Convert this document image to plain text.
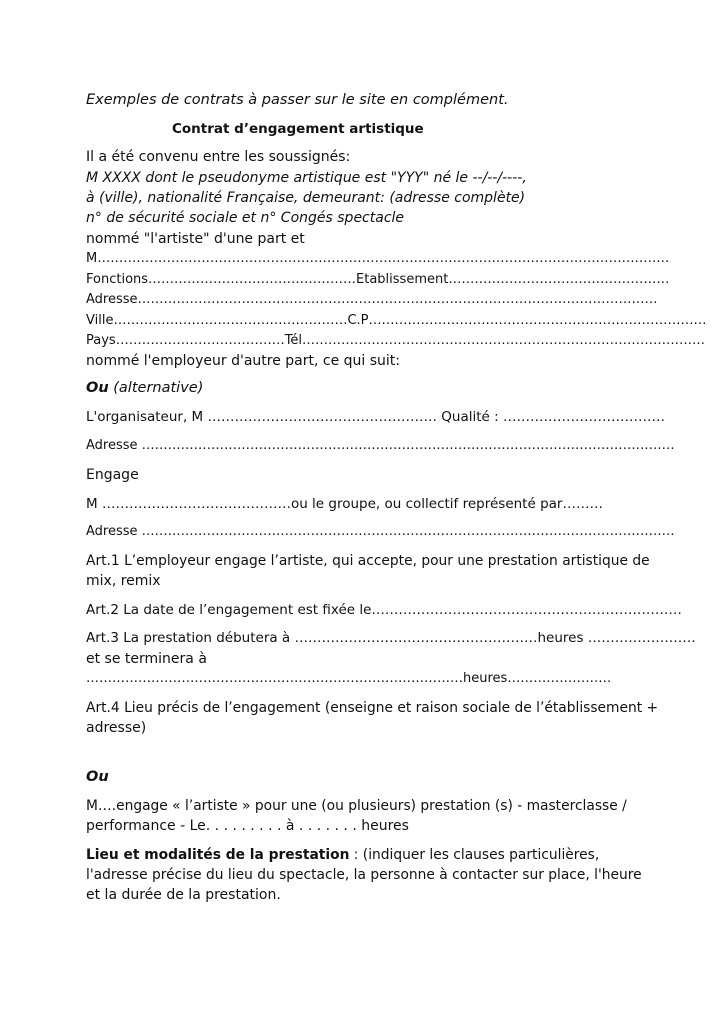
Exemples de contrats à passer sur le site en complément.
Contrat d’engagement artistique
Il a été convenu entre les soussignés:
M XXXX dont le pseudonyme artistique est "YYY" né le --/--/----,
à (ville), nationalité Française, demeurant: (adresse complète)
n° de sécurité sociale et n° Congés spectacle
nommé "l'artiste" d'une part et
M……………………………………………………………………………………………………………………
Fonctions…………………………………………Etablissement……………………………………………
Adresse…………………………………………………………………………………………………………
Ville………………………………………………C.P……………………………………………………………………
Pays…………………………………Tél…………………………………………………………………………………
nommé l'employeur d'autre part, ce qui suit:
Ou (alternative)
L'organisateur, M …………………………………………… Qualité : ………………………………
Adresse ……………………………………………………………………………………………………………
Engage
M ……………………………………ou le groupe, ou collectif représenté par………
Adresse ……………………………………………………………………………………………………………
Art.1 L’employeur engage l’artiste, qui accepte, pour une prestation artistique de
mix, remix
Art.2 La date de l’engagement est fixée le……………………………………………………………
Art.3 La prestation débutera à ………………………………………………heures ……………………
et se terminera à
……………………………………………………………………………heures……………………
Art.4 Lieu précis de l’engagement (enseigne et raison sociale de l’établissement +
adresse)
Ou
M….engage « l’artiste » pour une (ou plusieurs) prestation (s) - masterclasse /
performance - Le. . . . . . . . . à . . . . . . . heures
Lieu et modalités de la prestation : (indiquer les clauses particulières,
l'adresse précise du lieu du spectacle, la personne à contacter sur place, l'heure
et la durée de la prestation.
